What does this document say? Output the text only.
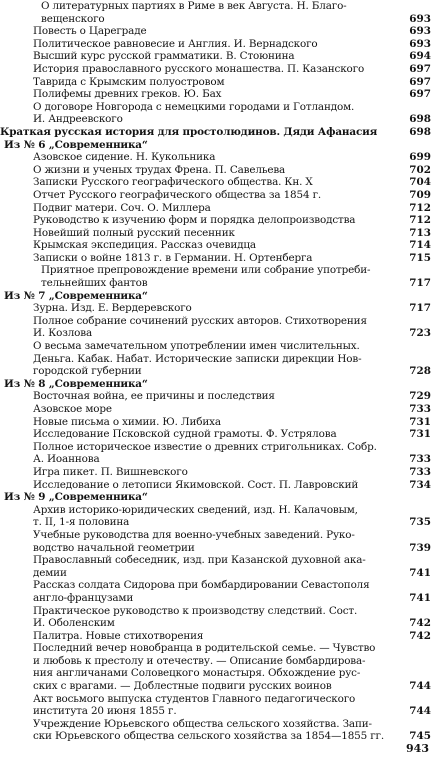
О литературных партиях в Риме в век Августа. Н. Благо-
вещенского	693
Повесть о Цареграде	693
Политическое равновесие и Англия. И. Вернадского	693
Высший курс русской грамматики. В. Стоюнина	694
История православного русского монашества. П. Казанского	697
Таврида с Крымским полуостровом	697
Полифемы древних греков. Ю. Бах	697
О договоре Новгорода с немецкими городами и Готландом.
И. Андреевского	698
Краткая русская история для простолюдинов. Дяди Афанасия	698
Из № 6 „Современника“
Азовское сидение. Н. Кукольника	699
О жизни и ученых трудах Френа. П. Савельева	702
Записки Русского географического общества. Кн. X	704
Отчет Русского географического общества за 1854 г.	709
Подвиг матери. Соч. О. Миллера	712
Руководство к изучению форм и порядка делопроизводства	712
Новейший полный русский песенник	713
Крымская экспедиция. Рассказ очевидца	714
Записки о войне 1813 г. в Германии. Н. Ортенберга	715
Приятное препровождение времени или собрание употреби-
тельнейших фантов	717
Из № 7 „Современника“
Зурна. Изд. Е. Вердеревского	717
Полное собрание сочинений русских авторов. Стихотворения
И. Козлова	723
О весьма замечательном употреблении имен числительных.
Деньга. Кабак. Набат. Исторические записки дирекции Нов-
городской губернии	728
Из № 8 „Современника“
Восточная война, ее причины и последствия	729
Азовское море	733
Новые письма о химии. Ю. Либиха	731
Исследование Псковской судной грамоты. Ф. Устрялова	731
Полное историческое известие о древних стригольниках. Собр.
А. Иоаннова	733
Игра пикет. П. Вишневского	733
Исследование о летописи Якимовской. Сост. П. Лавровский	734
Из № 9 „Современника“
Архив историко-юридических сведений, изд. Н. Калачовым,
т. II, 1-я половина	735
Учебные руководства для военно-учебных заведений. Руко-
водство начальной геометрии	739
Православный собеседник, изд. при Казанской духовной ака-
демии	741
Рассказ солдата Сидорова при бомбардировании Севастополя
англо-французами	741
Практическое руководство к производству следствий. Сост.
И. Оболенским	742
Палитра. Новые стихотворения	742
Последний вечер новобранца в родительской семье. — Чувство
и любовь к престолу и отечеству. — Описание бомбардирова-
ния англичанами Соловецкого монастыря. Обхождение рус-
ских с врагами. — Доблестные подвиги русских воинов	744
Акт восьмого выпуска студентов Главного педагогического
института 20 июня 1855 г.	744
Учреждение Юрьевского общества сельского хозяйства. Запи-
ски Юрьевского общества сельского хозяйства за 1854—1855 гг.	745
943
